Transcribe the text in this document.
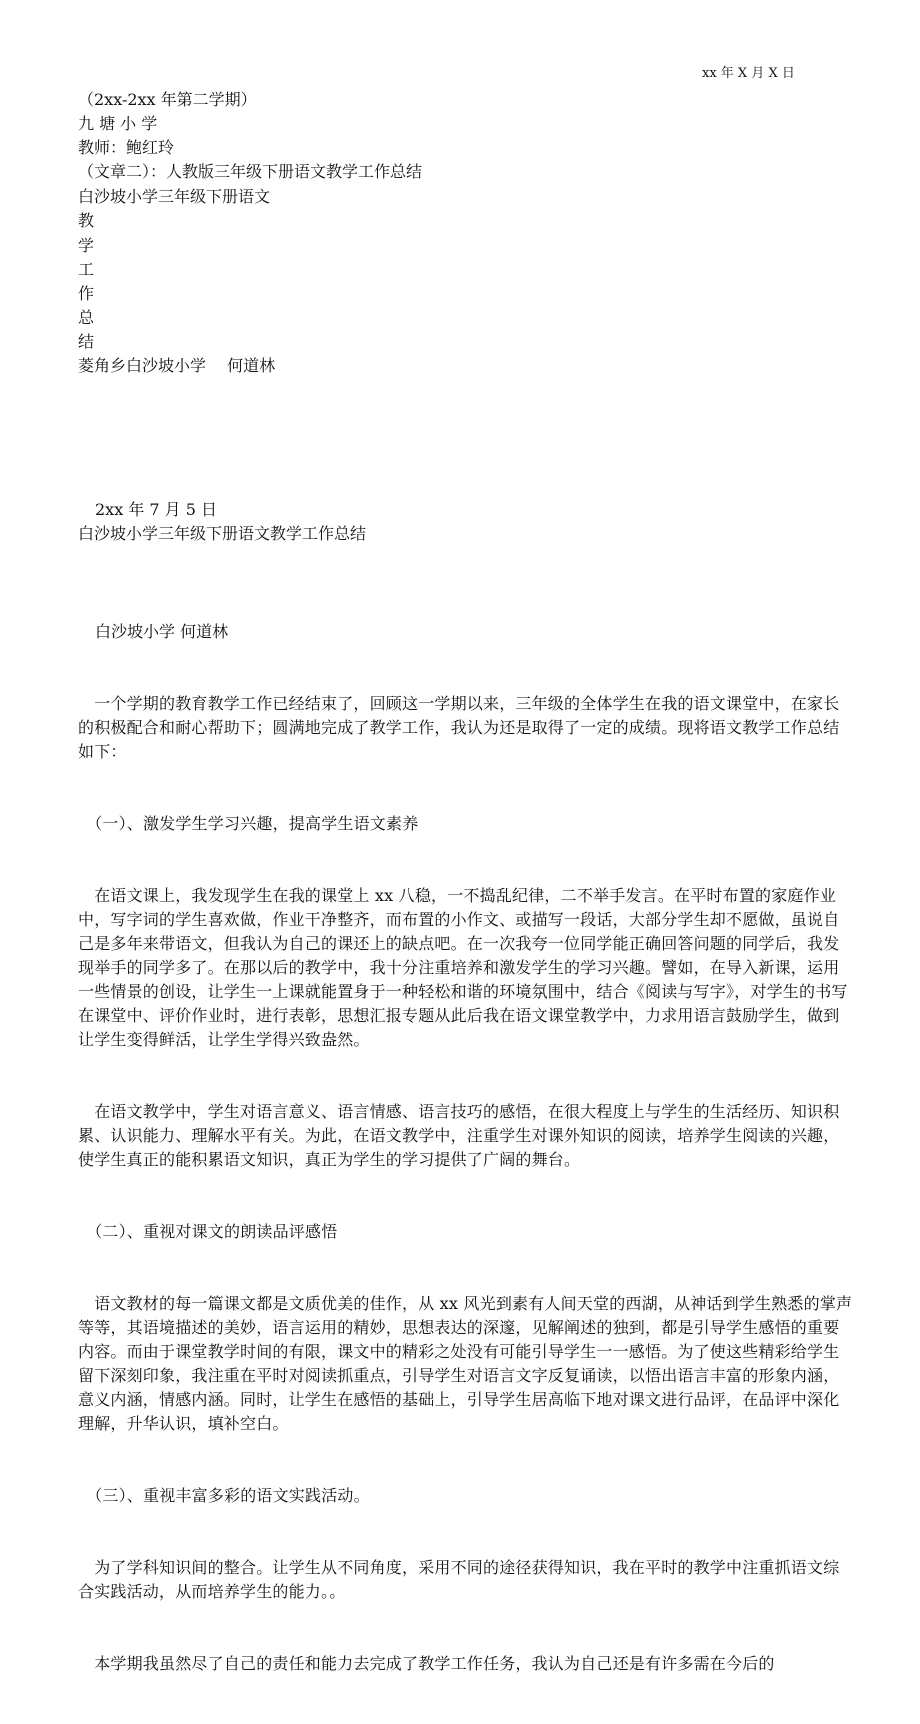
xx 年 X 月 X 日
（2xx-2xx 年第二学期）
九 塘 小 学
教师：鲍红玲
（文章二）：人教版三年级下册语文教学工作总结
白沙坡小学三年级下册语文
教
学
工
作
总
结
菱角乡白沙坡小学　 何道林
2xx 年 7 月 5 日
白沙坡小学三年级下册语文教学工作总结
白沙坡小学 何道林

　一个学期的教育教学工作已经结束了，回顾这一学期以来，三年级的全体学生在我的语文课堂中，在家长的积极配合和耐心帮助下；圆满地完成了教学工作，我认为还是取得了一定的成绩。现将语文教学工作总结如下：

　（一）、激发学生学习兴趣，提高学生语文素养

　在语文课上，我发现学生在我的课堂上 xx 八稳，一不捣乱纪律，二不举手发言。在平时布置的家庭作业中，写字词的学生喜欢做，作业干净整齐，而布置的小作文、或描写一段话，大部分学生却不愿做，虽说自己是多年来带语文，但我认为自己的课还上的缺点吧。在一次我夸一位同学能正确回答问题的同学后，我发现举手的同学多了。在那以后的教学中，我十分注重培养和激发学生的学习兴趣。譬如，在导入新课，运用一些情景的创设，让学生一上课就能置身于一种轻松和谐的环境氛围中，结合《阅读与写字》，对学生的书写在课堂中、评价作业时，进行表彰，思想汇报专题从此后我在语文课堂教学中，力求用语言鼓励学生，做到让学生变得鲜活，让学生学得兴致盎然。

　在语文教学中，学生对语言意义、语言情感、语言技巧的感悟，在很大程度上与学生的生活经历、知识积累、认识能力、理解水平有关。为此，在语文教学中，注重学生对课外知识的阅读，培养学生阅读的兴趣，使学生真正的能积累语文知识，真正为学生的学习提供了广阔的舞台。

　（二）、重视对课文的朗读品评感悟

　语文教材的每一篇课文都是文质优美的佳作，从 xx 风光到素有人间天堂的西湖，从神话到学生熟悉的掌声等等，其语境描述的美妙，语言运用的精妙，思想表达的深邃，见解阐述的独到，都是引导学生感悟的重要内容。而由于课堂教学时间的有限，课文中的精彩之处没有可能引导学生一一感悟。为了使这些精彩给学生留下深刻印象，我注重在平时对阅读抓重点，引导学生对语言文字反复诵读，以悟出语言丰富的形象内涵，意义内涵，情感内涵。同时，让学生在感悟的基础上，引导学生居高临下地对课文进行品评，在品评中深化理解，升华认识，填补空白。

　（三）、重视丰富多彩的语文实践活动。

　为了学科知识间的整合。让学生从不同角度，采用不同的途径获得知识，我在平时的教学中注重抓语文综合实践活动，从而培养学生的能力。。

　本学期我虽然尽了自己的责任和能力去完成了教学工作任务，我认为自己还是有许多需在今后的
